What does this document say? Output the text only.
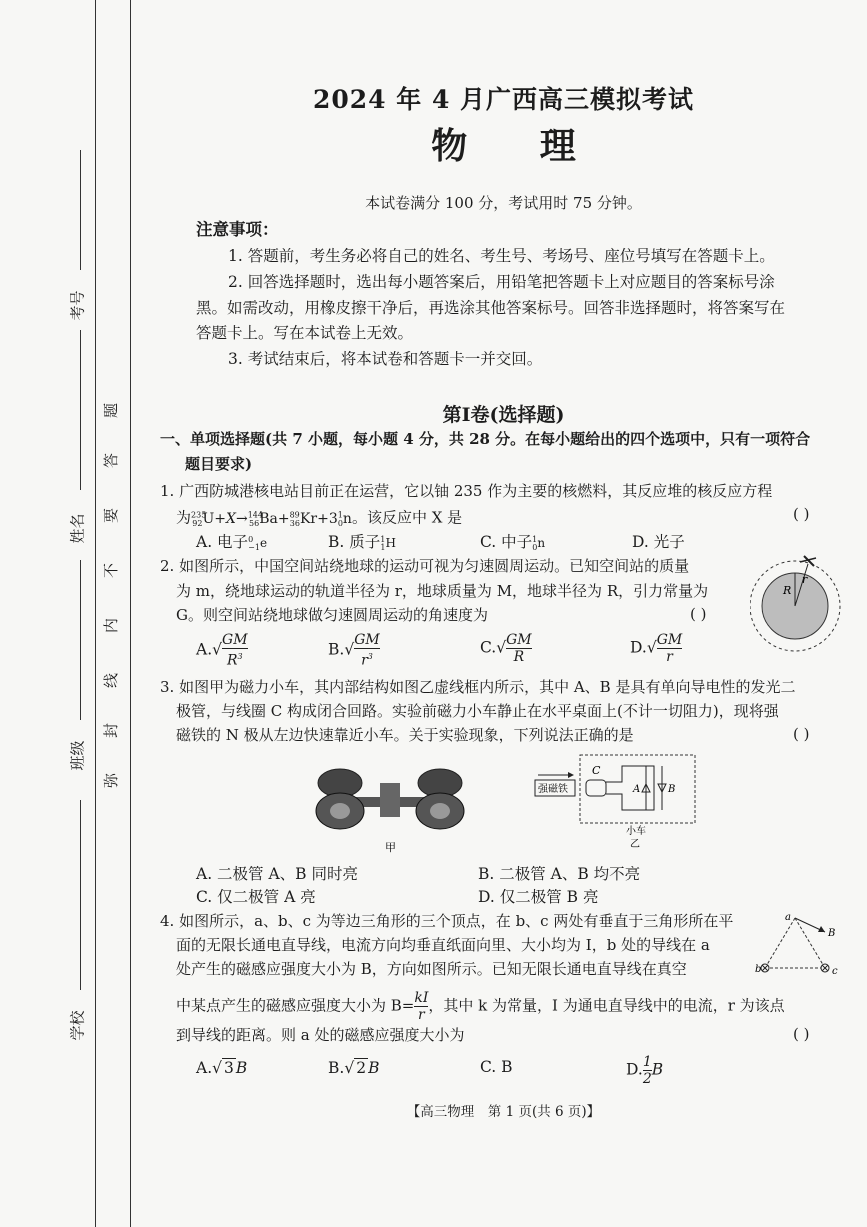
考号
姓名
班级
学校
题
答
要
不
内
线
封
弥
2024 年 4 月广西高三模拟考试
物 理
本试卷满分 100 分，考试用时 75 分钟。
注意事项：
1. 答题前，考生务必将自己的姓名、考生号、考场号、座位号填写在答题卡上。
2. 回答选择题时，选出每小题答案后，用铅笔把答题卡上对应题目的答案标号涂
黑。如需改动，用橡皮擦干净后，再选涂其他答案标号。回答非选择题时，将答案写在
答题卡上。写在本试卷上无效。
3. 考试结束后，将本试卷和答题卡一并交回。
第Ⅰ卷(选择题)
一、单项选择题(共 7 小题，每小题 4 分，共 28 分。在每小题给出的四个选项中，只有一项符合
题目要求)
1. 广西防城港核电站目前正在运营，它以铀 235 作为主要的核燃料，其反应堆的核反应方程
为$^{235}_{92}U+X\to^{144}_{56}Ba+^{89}_{36}Kr+3^1_0n$。该反应中 X 是	( )
A. 电子$^0_{-1}$e	B. 质子$^1_1$H	C. 中子$^1_0$n	D. 光子
2. 如图所示，中国空间站绕地球的运动可视为匀速圆周运动。已知空间站的质量
为 m，绕地球运动的轨道半径为 r，地球质量为 M，地球半径为 R，引力常量为
G。则空间站绕地球做匀速圆周运动的角速度为	( )
R
r
$A.√ \frac{GM}{R^3}$	$B.√ \frac{GM}{r^3}$	$C.√ \frac{GM}{R}$	$D.√ \frac{GM}{r}$
3. 如图甲为磁力小车，其内部结构如图乙虚线框内所示，其中 A、B 是具有单向导电性的发光二
极管，与线圈 C 构成闭合回路。实验前磁力小车静止在水平桌面上(不计一切阻力)，现将强
磁铁的 N 极从左边快速靠近小车。关于实验现象，下列说法正确的是	( )
甲
强磁铁
C
A	B
小车
乙
A. 二极管 A、B 同时亮	B. 二极管 A、B 均不亮
C. 仅二极管 A 亮	D. 仅二极管 B 亮
4. 如图所示，a、b、c 为等边三角形的三个顶点，在 b、c 两处有垂直于三角形所在平
面的无限长通电直导线，电流方向均垂直纸面向里、大小均为 I，b 处的导线在 a
处产生的磁感应强度大小为 B，方向如图所示。已知无限长通电直导线在真空
中某点产生的磁感应强度大小为 $B= \frac{kI}{r}$ ，其中 k 为常量，I 为通电直导线中的电流，r 为该点
到导线的距离。则 a 处的磁感应强度大小为	( )
a
B
b	c
A.√ 3 B	B.√ 2 B	C. B	D. $\frac{1}{2}$ B
【高三物理　第 1 页(共 6 页)】
